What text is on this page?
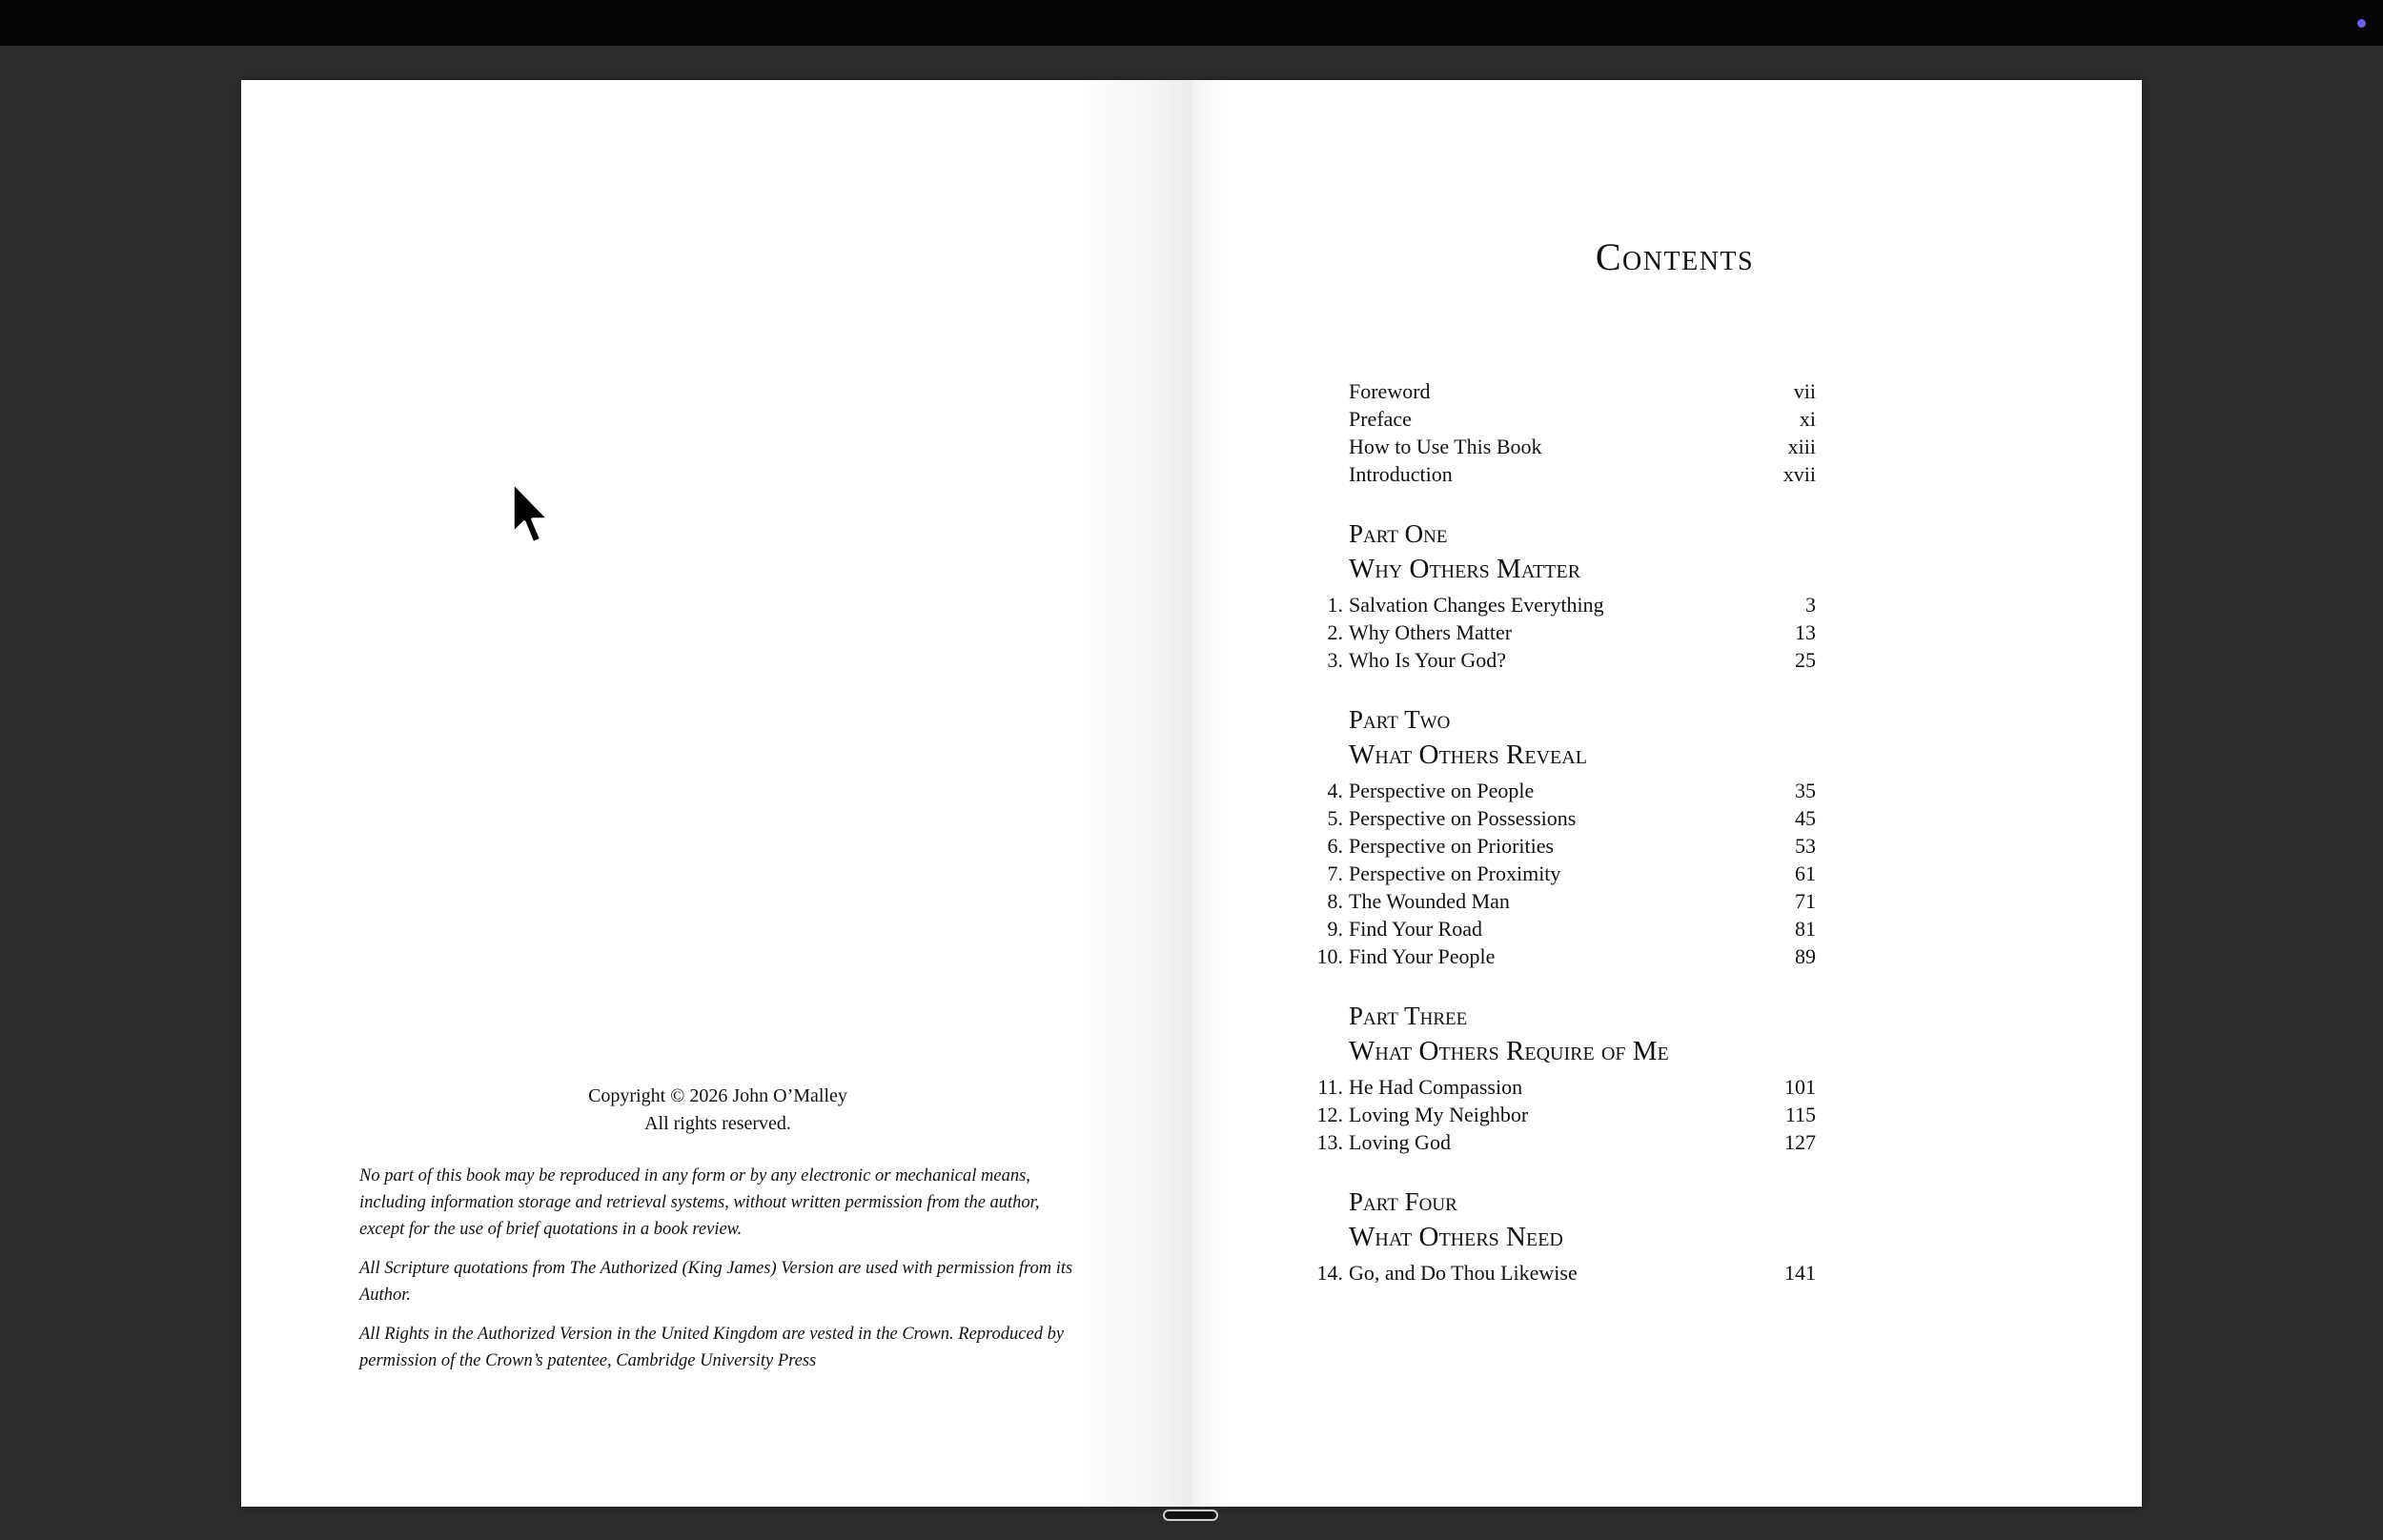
Copyright © 2026 John O’Malley
All rights reserved.

No part of this book may be reproduced in any form or by any electronic or mechanical means, including information storage and retrieval systems, without written permission from the author, except for the use of brief quotations in a book review.

All Scripture quotations from The Authorized (King James) Version are used with permission from its Author.

All Rights in the Authorized Version in the United Kingdom are vested in the Crown. Reproduced by permission of the Crown’s patentee, Cambridge University Press

Contents
Foreword	vii
Preface	xi
How to Use This Book	xiii
Introduction	xvii
Part One
Why Others Matter
1. Salvation Changes Everything	3
2. Why Others Matter	13
3. Who Is Your God?	25
Part Two
What Others Reveal
4. Perspective on People	35
5. Perspective on Possessions	45
6. Perspective on Priorities	53
7. Perspective on Proximity	61
8. The Wounded Man	71
9. Find Your Road	81
10. Find Your People	89
Part Three
What Others Require of Me
11. He Had Compassion	101
12. Loving My Neighbor	115
13. Loving God	127
Part Four
What Others Need
14. Go, and Do Thou Likewise	141
